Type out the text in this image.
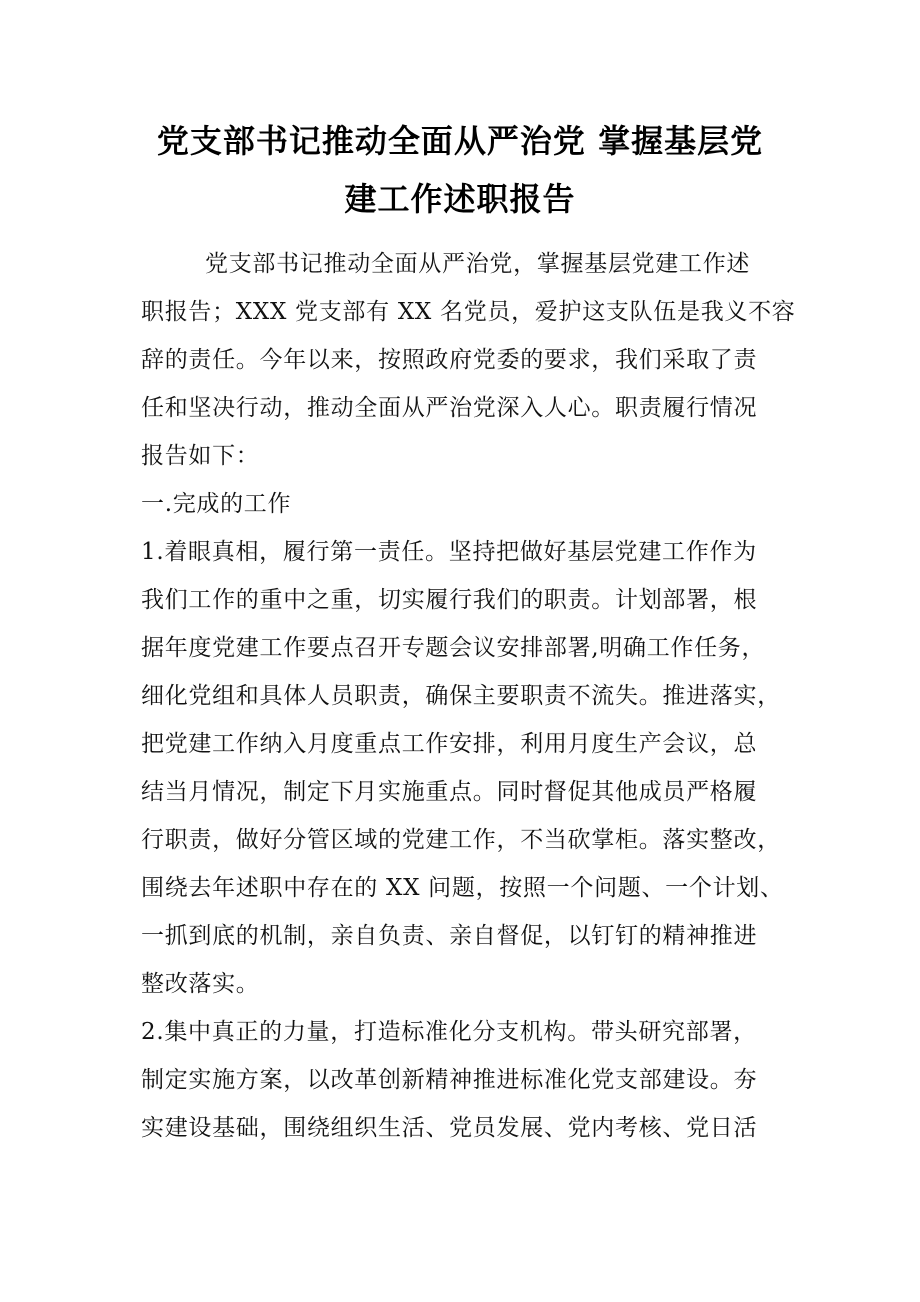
党支部书记推动全面从严治党 掌握基层党
建工作述职报告
党支部书记推动全面从严治党，掌握基层党建工作述
职报告；XXX 党支部有 XX 名党员，爱护这支队伍是我义不容
辞的责任。今年以来，按照政府党委的要求，我们采取了责
任和坚决行动，推动全面从严治党深入人心。职责履行情况
报告如下：
一.完成的工作
1.着眼真相，履行第一责任。坚持把做好基层党建工作作为
我们工作的重中之重，切实履行我们的职责。计划部署，根
据年度党建工作要点召开专题会议安排部署,明确工作任务，
细化党组和具体人员职责，确保主要职责不流失。推进落实，
把党建工作纳入月度重点工作安排，利用月度生产会议，总
结当月情况，制定下月实施重点。同时督促其他成员严格履
行职责，做好分管区域的党建工作，不当砍掌柜。落实整改，
围绕去年述职中存在的 XX 问题，按照一个问题、一个计划、
一抓到底的机制，亲自负责、亲自督促，以钉钉的精神推进
整改落实。
2.集中真正的力量，打造标准化分支机构。带头研究部署，
制定实施方案，以改革创新精神推进标准化党支部建设。夯
实建设基础，围绕组织生活、党员发展、党内考核、党日活
